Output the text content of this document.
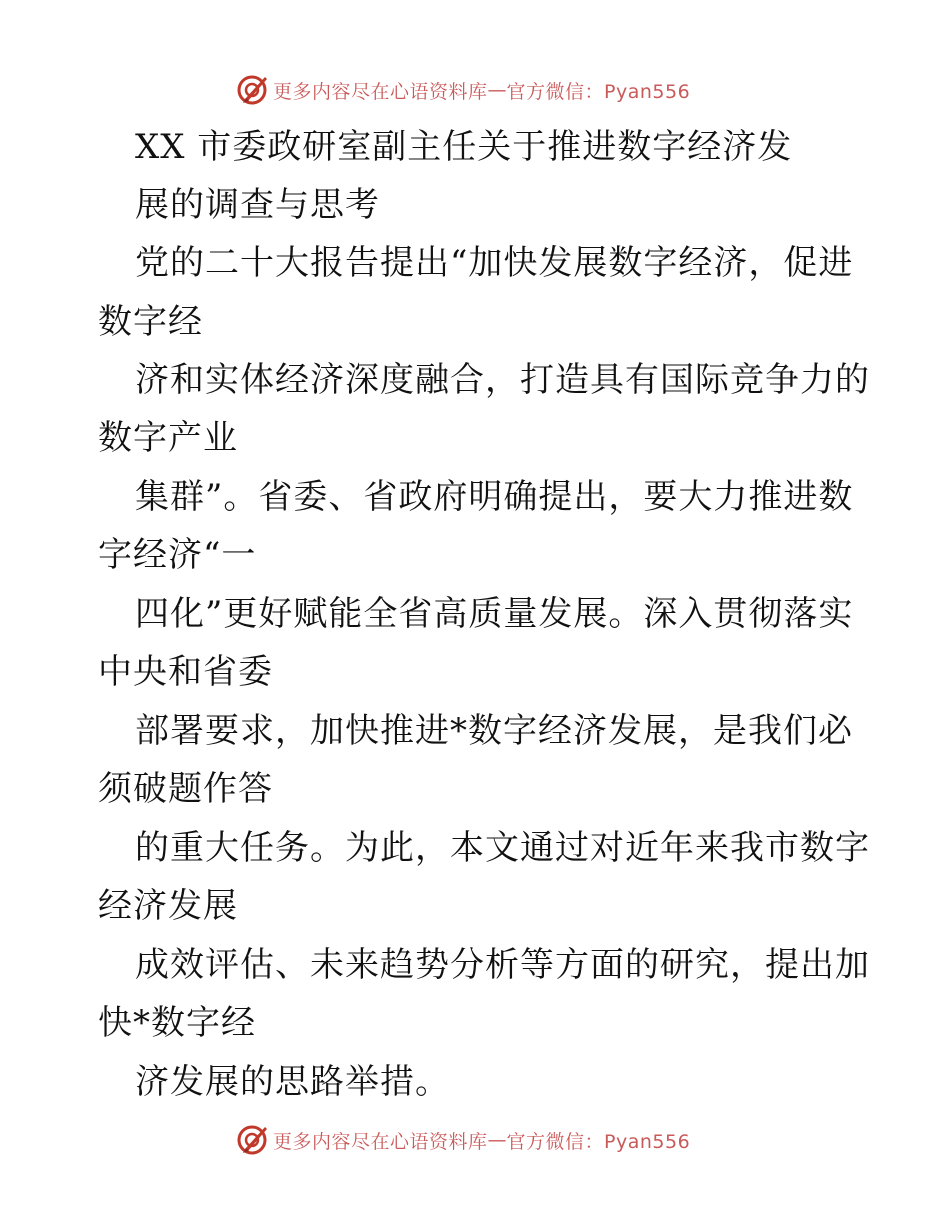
更多内容尽在心语资料库 — 官方微信：Pyan556
XX 市委政研室副主任关于推进数字经济发
展的调查与思考
党的二十大报告提出“加快发展数字经济，促进
数字经
济和实体经济深度融合，打造具有国际竞争力的
数字产业
集群”。省委、省政府明确提出，要大力推进数
字经济“一
四化”更好赋能全省高质量发展。深入贯彻落实
中央和省委
部署要求，加快推进*数字经济发展，是我们必
须破题作答
的重大任务。为此，本文通过对近年来我市数字
经济发展
成效评估、未来趋势分析等方面的研究，提出加
快*数字经
济发展的思路举措。
更多内容尽在心语资料库 — 官方微信：Pyan556
